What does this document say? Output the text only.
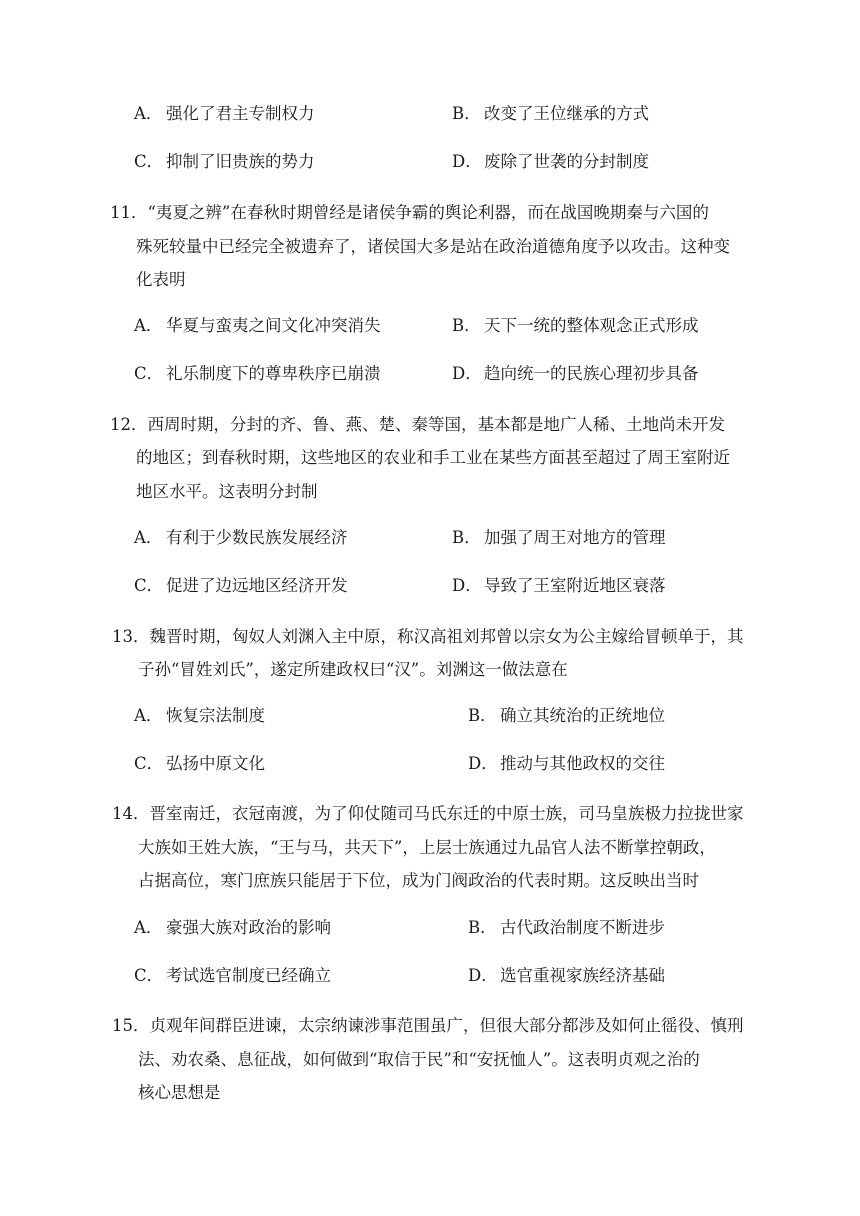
A． 强化了君主专制权力	B． 改变了王位继承的方式
C． 抑制了旧贵族的势力	D． 废除了世袭的分封制度
11．“夷夏之辨”在春秋时期曾经是诸侯争霸的舆论利器，而在战国晚期秦与六国的
殊死较量中已经完全被遗弃了，诸侯国大多是站在政治道德角度予以攻击。这种变
化表明
A． 华夏与蛮夷之间文化冲突消失	B． 天下一统的整体观念正式形成
C． 礼乐制度下的尊卑秩序已崩溃	D． 趋向统一的民族心理初步具备
12．西周时期，分封的齐、鲁、燕、楚、秦等国，基本都是地广人稀、土地尚未开发
的地区；到春秋时期，这些地区的农业和手工业在某些方面甚至超过了周王室附近
地区水平。这表明分封制
A． 有利于少数民族发展经济	B． 加强了周王对地方的管理
C． 促进了边远地区经济开发	D． 导致了王室附近地区衰落
13．魏晋时期，匈奴人刘渊入主中原，称汉高祖刘邦曾以宗女为公主嫁给冒顿单于，其
子孙“冒姓刘氏”，遂定所建政权曰“汉”。刘渊这一做法意在
A． 恢复宗法制度	B． 确立其统治的正统地位
C． 弘扬中原文化	D． 推动与其他政权的交往
14．晋室南迁，衣冠南渡，为了仰仗随司马氏东迁的中原士族，司马皇族极力拉拢世家
大族如王姓大族，“王与马，共天下”，上层士族通过九品官人法不断掌控朝政，
占据高位，寒门庶族只能居于下位，成为门阀政治的代表时期。这反映出当时
A． 豪强大族对政治的影响	B． 古代政治制度不断进步
C． 考试选官制度已经确立	D． 选官重视家族经济基础
15．贞观年间群臣进谏，太宗纳谏涉事范围虽广，但很大部分都涉及如何止徭役、慎刑
法、劝农桑、息征战，如何做到“取信于民”和“安抚恤人”。这表明贞观之治的
核心思想是
